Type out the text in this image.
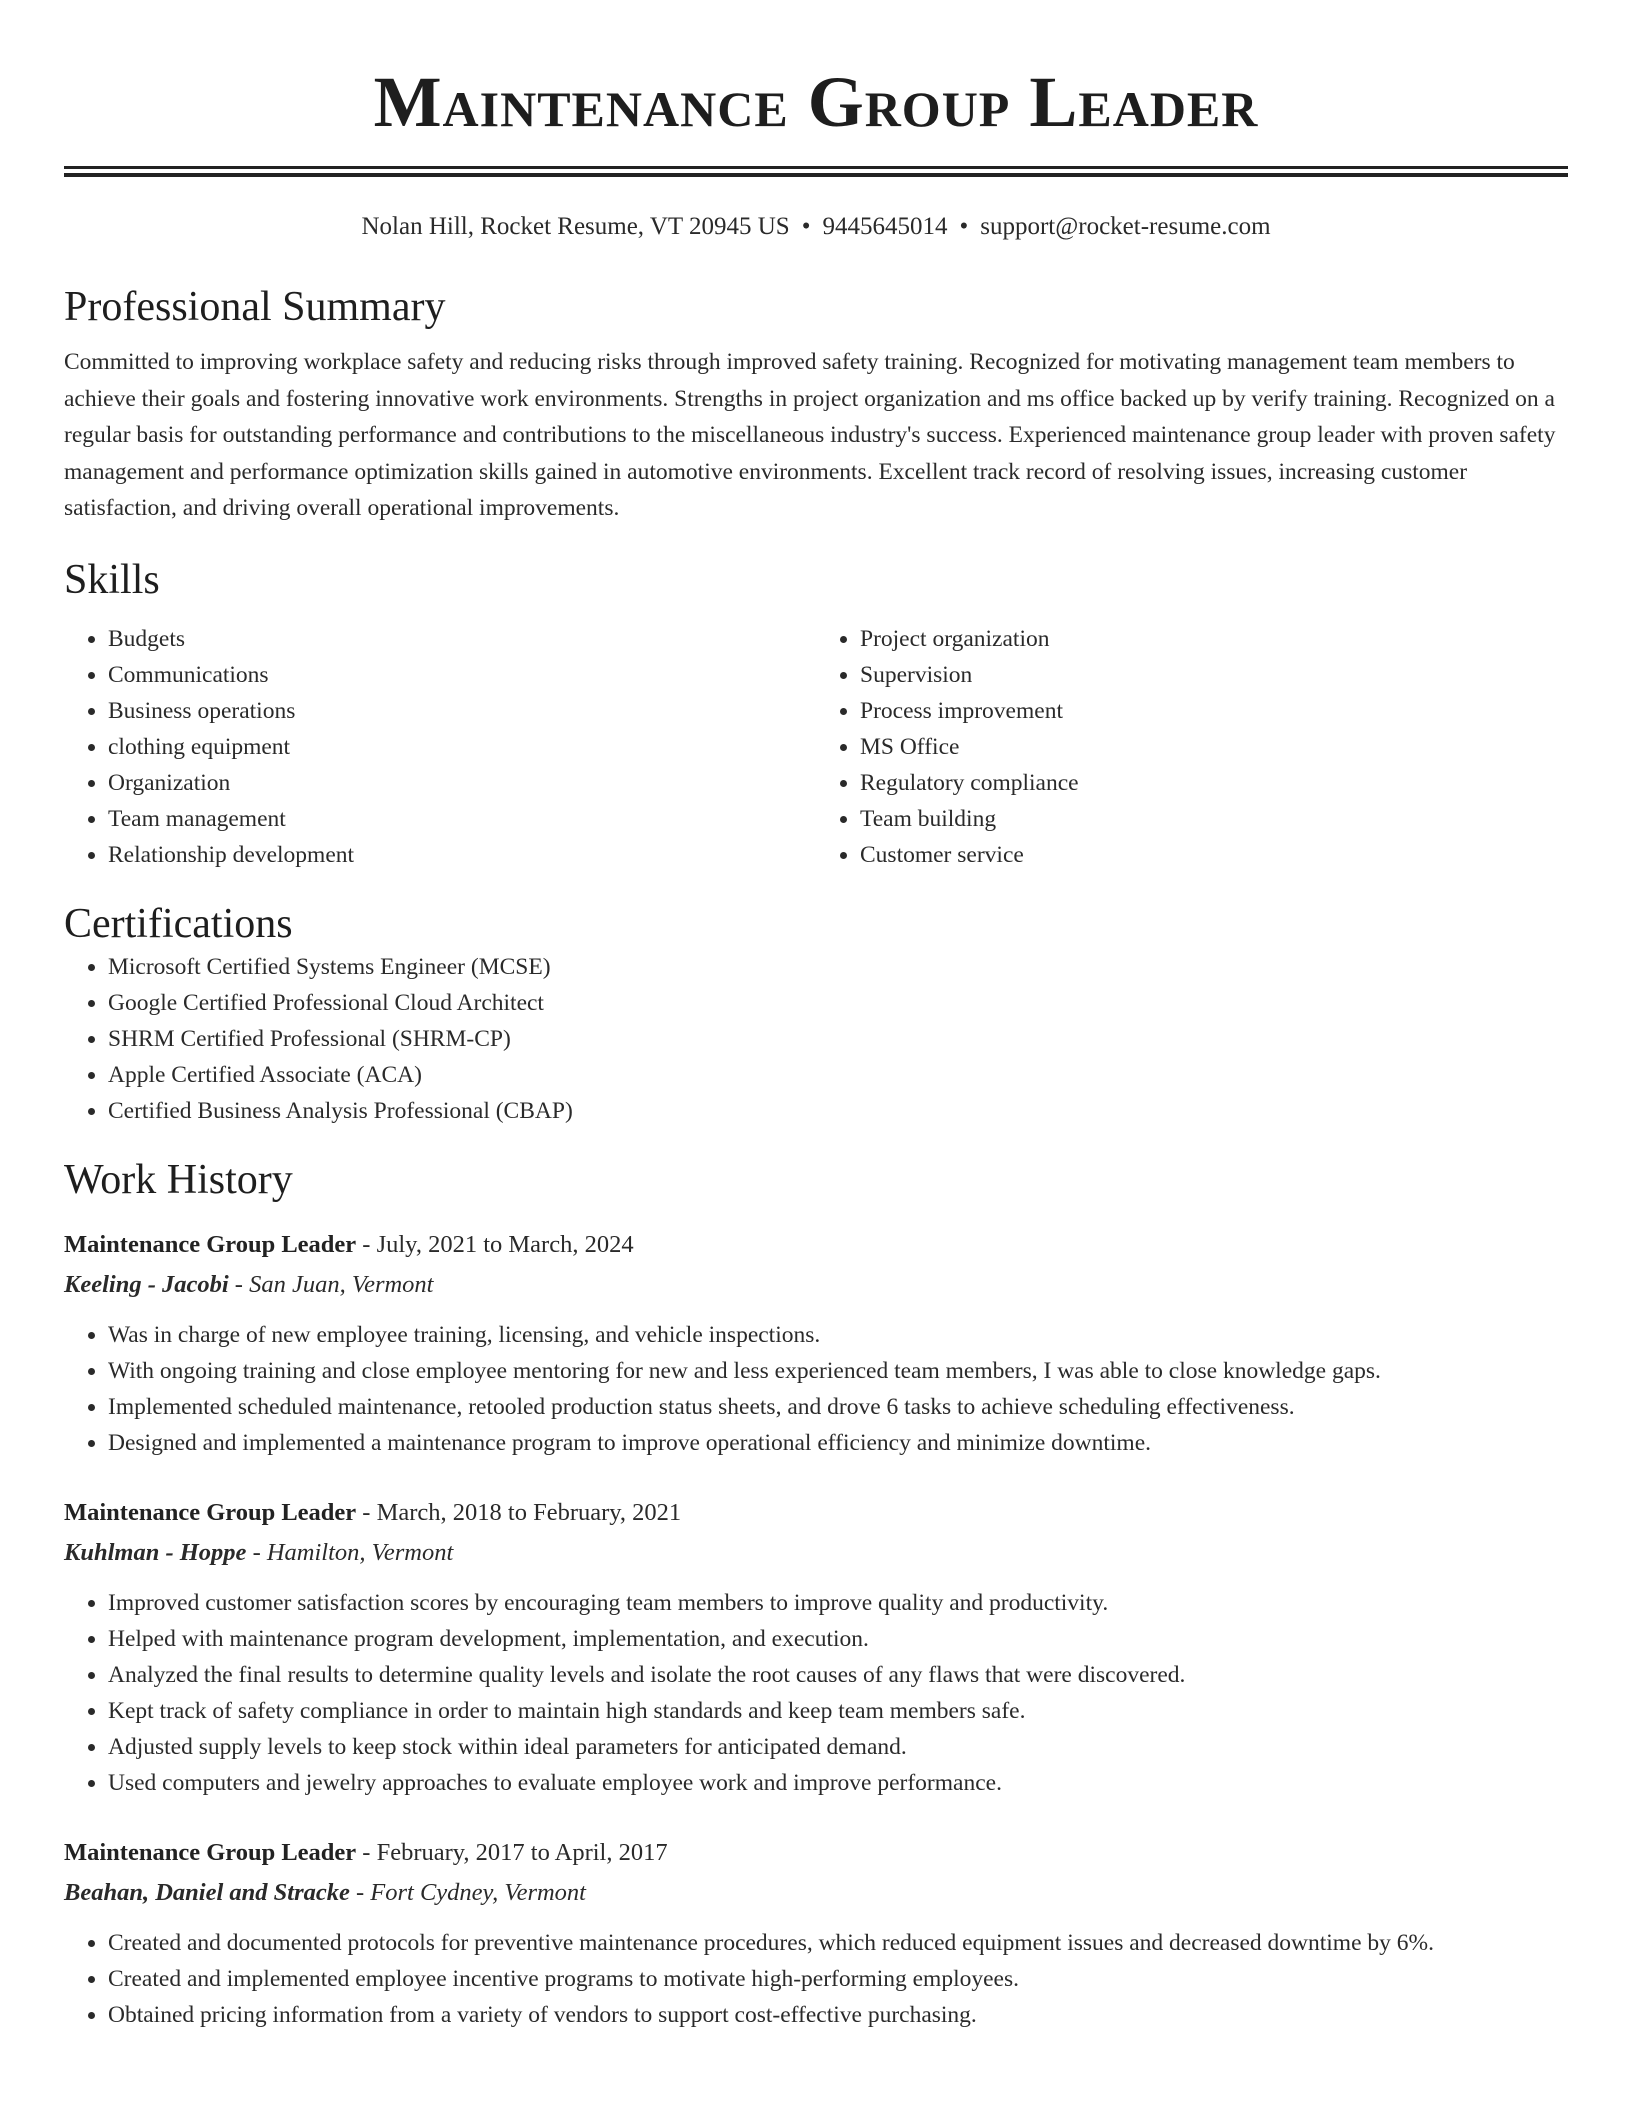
Maintenance Group Leader
Nolan Hill, Rocket Resume, VT 20945 US • 9445645014 • support@rocket-resume.com
Professional Summary

Committed to improving workplace safety and reducing risks through improved safety training. Recognized for motivating management team members to achieve their goals and fostering innovative work environments. Strengths in project organization and ms office backed up by verify training. Recognized on a regular basis for outstanding performance and contributions to the miscellaneous industry's success. Experienced maintenance group leader with proven safety management and performance optimization skills gained in automotive environments. Excellent track record of resolving issues, increasing customer satisfaction, and driving overall operational improvements.

Skills
• Budgets
• Communications
• Business operations
• clothing equipment
• Organization
• Team management
• Relationship development
• Project organization
• Supervision
• Process improvement
• MS Office
• Regulatory compliance
• Team building
• Customer service
Certifications
• Microsoft Certified Systems Engineer (MCSE)
• Google Certified Professional Cloud Architect
• SHRM Certified Professional (SHRM-CP)
• Apple Certified Associate (ACA)
• Certified Business Analysis Professional (CBAP)
Work History
Maintenance Group Leader - July, 2021 to March, 2024
Keeling - Jacobi - San Juan, Vermont
• Was in charge of new employee training, licensing, and vehicle inspections.
• With ongoing training and close employee mentoring for new and less experienced team members, I was able to close knowledge gaps.
• Implemented scheduled maintenance, retooled production status sheets, and drove 6 tasks to achieve scheduling effectiveness.
• Designed and implemented a maintenance program to improve operational efficiency and minimize downtime.
Maintenance Group Leader - March, 2018 to February, 2021
Kuhlman - Hoppe - Hamilton, Vermont
• Improved customer satisfaction scores by encouraging team members to improve quality and productivity.
• Helped with maintenance program development, implementation, and execution.
• Analyzed the final results to determine quality levels and isolate the root causes of any flaws that were discovered.
• Kept track of safety compliance in order to maintain high standards and keep team members safe.
• Adjusted supply levels to keep stock within ideal parameters for anticipated demand.
• Used computers and jewelry approaches to evaluate employee work and improve performance.
Maintenance Group Leader - February, 2017 to April, 2017
Beahan, Daniel and Stracke - Fort Cydney, Vermont
• Created and documented protocols for preventive maintenance procedures, which reduced equipment issues and decreased downtime by 6%.
• Created and implemented employee incentive programs to motivate high-performing employees.
• Obtained pricing information from a variety of vendors to support cost-effective purchasing.
